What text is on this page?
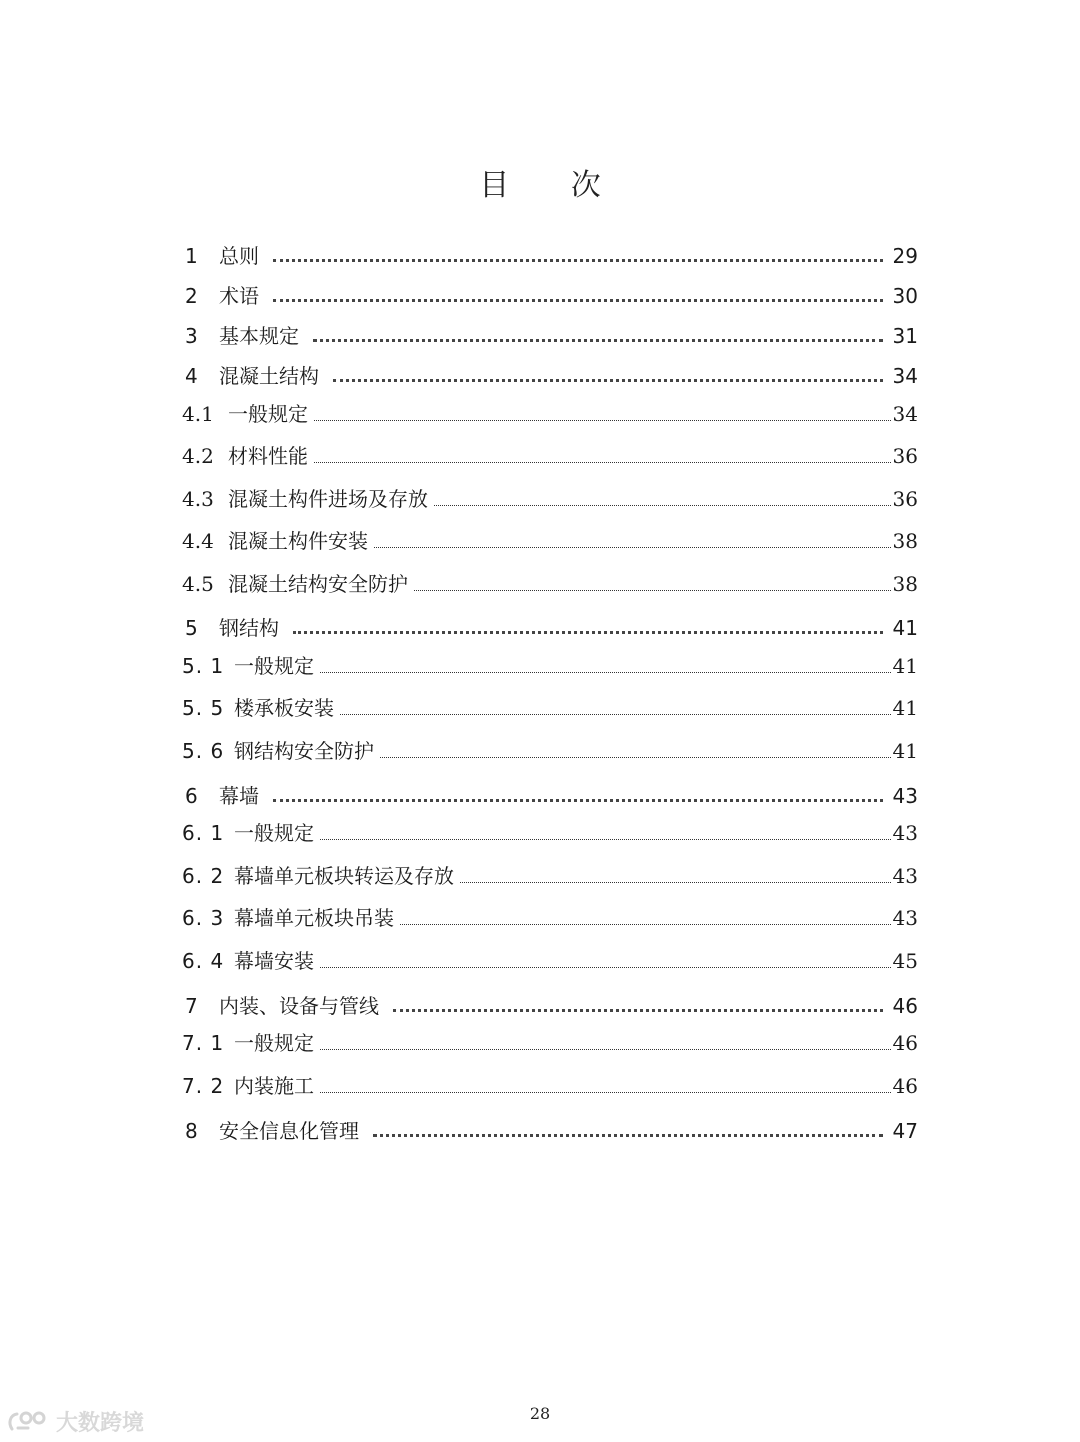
目 次
1	总则	29
2	术语	30
3	基本规定	31
4	混凝土结构	34
4.1 一般规定	34
4.2 材料性能	36
4.3 混凝土构件进场及存放	36
4.4 混凝土构件安装	38
4.5 混凝土结构安全防护	38
5	钢结构	41
5. 1 一般规定	41
5. 5 楼承板安装	41
5. 6 钢结构安全防护	41
6	幕墙	43
6. 1 一般规定	43
6. 2 幕墙单元板块转运及存放	43
6. 3 幕墙单元板块吊装	43
6. 4 幕墙安装	45
7	内装、设备与管线	46
7. 1 一般规定	46
7. 2 内装施工	46
8	安全信息化管理	47
28
大数跨境
